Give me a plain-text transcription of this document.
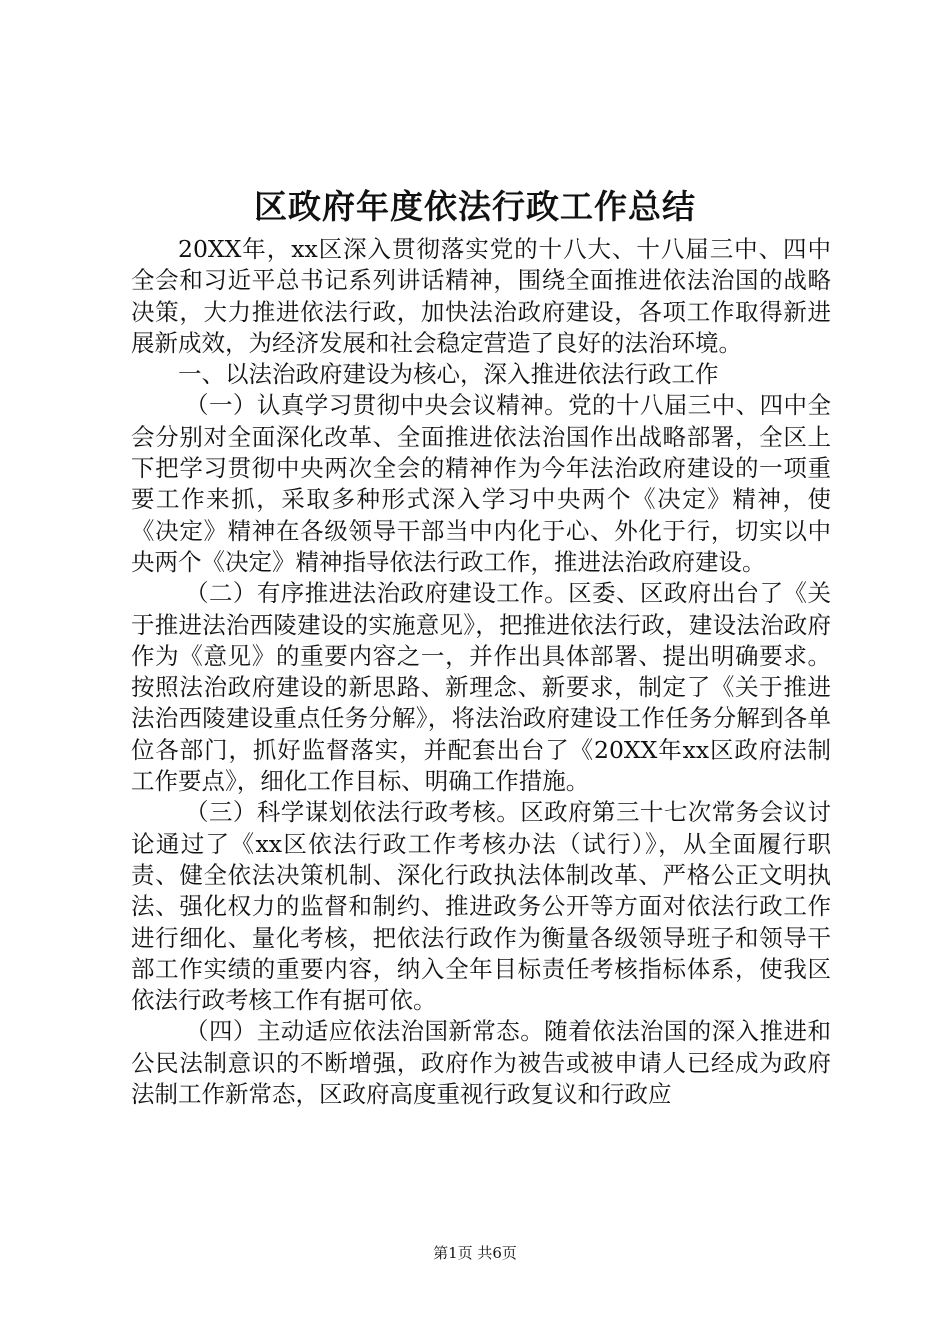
区政府年度依法行政工作总结

20XX年，xx区深入贯彻落实党的十八大、十八届三中、四中全会和习近平总书记系列讲话精神，围绕全面推进依法治国的战略决策，大力推进依法行政，加快法治政府建设，各项工作取得新进展新成效，为经济发展和社会稳定营造了良好的法治环境。

一、以法治政府建设为核心，深入推进依法行政工作

（一）认真学习贯彻中央会议精神。党的十八届三中、四中全会分别对全面深化改革、全面推进依法治国作出战略部署，全区上下把学习贯彻中央两次全会的精神作为今年法治政府建设的一项重要工作来抓，采取多种形式深入学习中央两个《决定》精神，使《决定》精神在各级领导干部当中内化于心、外化于行，切实以中央两个《决定》精神指导依法行政工作，推进法治政府建设。

（二）有序推进法治政府建设工作。区委、区政府出台了《关于推进法治西陵建设的实施意见》，把推进依法行政，建设法治政府作为《意见》的重要内容之一，并作出具体部署、提出明确要求。按照法治政府建设的新思路、新理念、新要求，制定了《关于推进法治西陵建设重点任务分解》，将法治政府建设工作任务分解到各单位各部门，抓好监督落实，并配套出台了《20XX年xx区政府法制工作要点》，细化工作目标、明确工作措施。

（三）科学谋划依法行政考核。区政府第三十七次常务会议讨论通过了《xx区依法行政工作考核办法（试行）》，从全面履行职责、健全依法决策机制、深化行政执法体制改革、严格公正文明执法、强化权力的监督和制约、推进政务公开等方面对依法行政工作进行细化、量化考核，把依法行政作为衡量各级领导班子和领导干部工作实绩的重要内容，纳入全年目标责任考核指标体系，使我区依法行政考核工作有据可依。

（四）主动适应依法治国新常态。随着依法治国的深入推进和公民法制意识的不断增强，政府作为被告或被申请人已经成为政府法制工作新常态，区政府高度重视行政复议和行政应

第1页 共6页
